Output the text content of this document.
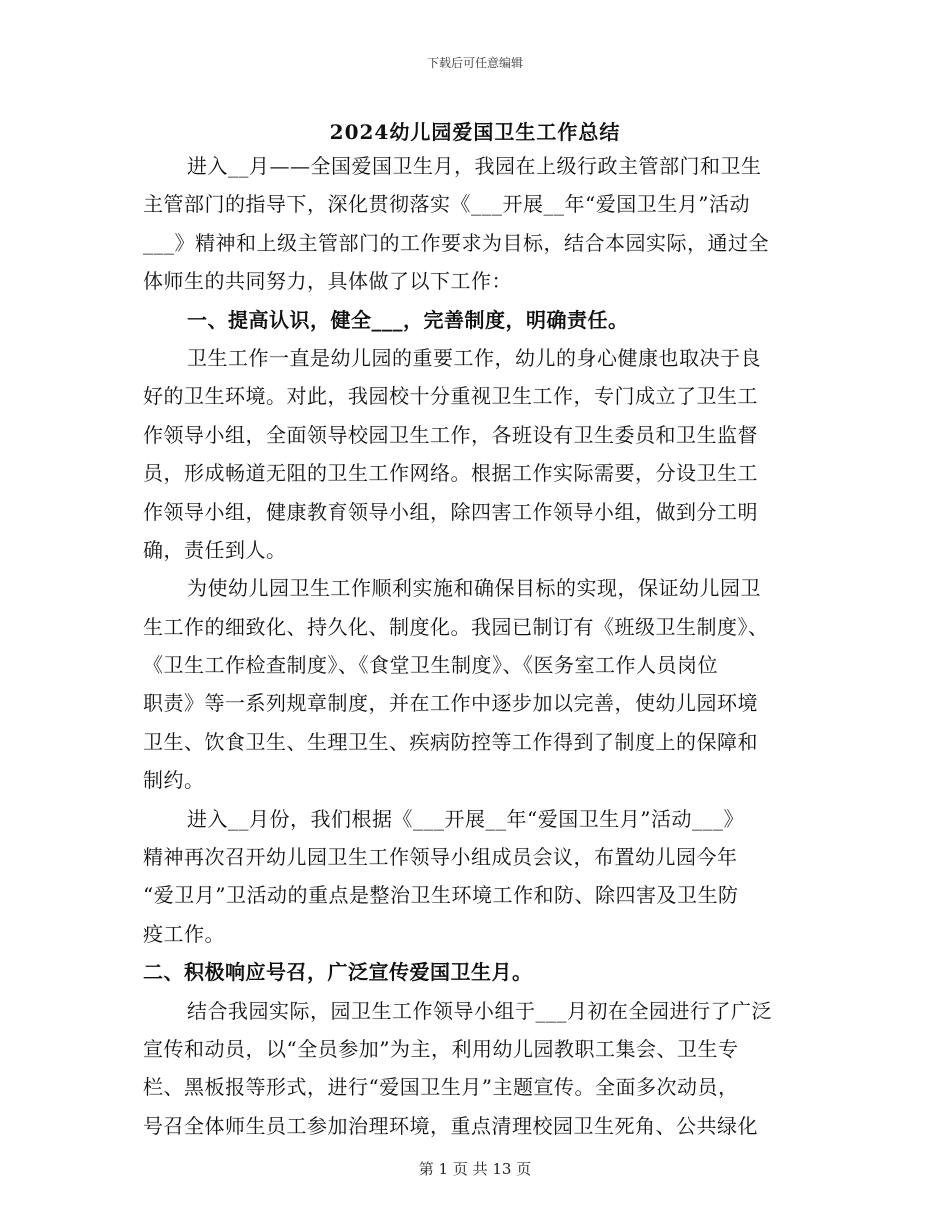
下载后可任意编辑
2024幼儿园爱国卫生工作总结
进入__月——全国爱国卫生月，我园在上级行政主管部门和卫生
主管部门的指导下，深化贯彻落实《___开展__年“爱国卫生月”活动
___》精神和上级主管部门的工作要求为目标，结合本园实际，通过全
体师生的共同努力，具体做了以下工作：
一、提高认识，健全___，完善制度，明确责任。
卫生工作一直是幼儿园的重要工作，幼儿的身心健康也取决于良
好的卫生环境。对此，我园校十分重视卫生工作，专门成立了卫生工
作领导小组，全面领导校园卫生工作，各班设有卫生委员和卫生监督
员，形成畅道无阻的卫生工作网络。根据工作实际需要，分设卫生工
作领导小组，健康教育领导小组，除四害工作领导小组，做到分工明
确，责任到人。
为使幼儿园卫生工作顺利实施和确保目标的实现，保证幼儿园卫
生工作的细致化、持久化、制度化。我园已制订有《班级卫生制度》、
《卫生工作检查制度》、《食堂卫生制度》、《医务室工作人员岗位
职责》等一系列规章制度，并在工作中逐步加以完善，使幼儿园环境
卫生、饮食卫生、生理卫生、疾病防控等工作得到了制度上的保障和
制约。
进入__月份，我们根据《___开展__年“爱国卫生月”活动___》
精神再次召开幼儿园卫生工作领导小组成员会议，布置幼儿园今年
“爱卫月”卫活动的重点是整治卫生环境工作和防、除四害及卫生防
疫工作。
二、积极响应号召，广泛宣传爱国卫生月。
结合我园实际，园卫生工作领导小组于___月初在全园进行了广泛
宣传和动员，以“全员参加”为主，利用幼儿园教职工集会、卫生专
栏、黑板报等形式，进行“爱国卫生月”主题宣传。全面多次动员，
号召全体师生员工参加治理环境，重点清理校园卫生死角、公共绿化
第 1 页 共 13 页
